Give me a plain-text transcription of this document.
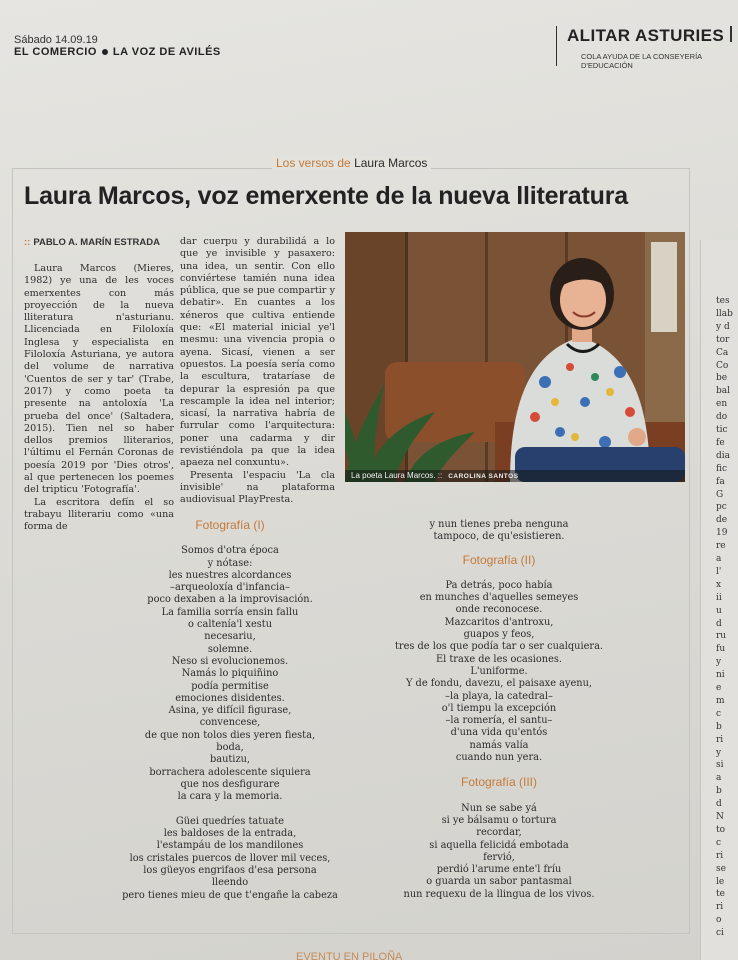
Sábado 14.09.19
EL COMERCIO LA VOZ DE AVILÉS
ALITAR ASTURIES
COLA AYUDA DE LA CONSEYERÍA D'EDUCACIÓN
Los versos de Laura Marcos
Laura Marcos, voz emerxente de la nueva lliteratura
:: PABLO A. MARÍN ESTRADA

Laura Marcos (Mieres, 1982) ye una de les voces emerxentes con más proyección de la nueva lliteratura n'asturianu. Llicenciada en Filoloxía Inglesa y especialista en Filoloxía Asturiana, ye autora del volume de narrativa 'Cuentos de ser y tar' (Trabe, 2017) y como poeta ta presente na antoloxía 'La prueba del once' (Saltadera, 2015). Tien nel so haber dellos premios lliterarios, l'últimu el Fernán Coronas de poesía 2019 por 'Dies otros', al que pertenecen los poemes del tripticu 'Fotografía'.

La escritora defín el so trabayu lliterariu como «una forma de

dar cuerpu y durabilidá a lo que ye invisible y pasaxero: una idea, un sentir. Con ello conviértese tamién nuna idea pública, que se pue compartir y debatir». En cuantes a los xéneros que cultiva entiende que: «El material inicial ye'l mesmu: una vivencia propia o ayena. Sicasí, vienen a ser opuestos. La poesía sería como la escultura, trataríase de depurar la espresión pa que rescample la idea nel interior; sicasí, la narrativa habría de furrular como l'arquitectura: poner una cadarma y dir revistiéndola pa que la idea apaeza nel conxuntu».

Presenta l'espaciu 'La cla invisible' na plataforma audiovisual PlayPresta.

La poeta Laura Marcos. :: CAROLINA SANTOS
Fotografía (I)
Somos d'otra época
y nótase:
les nuestres alcordances
–arqueoloxía d'infancia–
poco dexaben a la improvisación.
La familia sorría ensin fallu
o caltenía'l xestu
necesariu,
solemne.
Neso si evolucionemos.
Namás lo piquiñino
podía permitise
emociones disidentes.
Asina, ye difícil figurase,
convencese,
de que non tolos dies yeren fiesta,
boda,
bautizu,
borrachera adolescente siquiera
que nos desfigurare
la cara y la memoria.

Güei quedríes tatuate
les baldoses de la entrada,
l'estampáu de los mandilones
los cristales puercos de llover mil veces,
los güeyos engrifaos d'esa persona
lleendo
pero tienes mieu de que t'engañe la cabeza
y nun tienes preba nenguna
tampoco, de qu'esistieren.
Fotografía (II)
Pa detrás, poco había
en munches d'aquelles semeyes
onde reconocese.
Mazcaritos d'antroxu,
guapos y feos,
tres de los que podía tar o ser cualquiera.
El traxe de les ocasiones.
L'uniforme.
Y de fondu, davezu, el paisaxe ayenu,
–la playa, la catedral–
o'l tiempu la excepción
–la romería, el santu–
d'una vida qu'entós
namás valía
cuando nun yera.
Fotografía (III)
Nun se sabe yá
si ye bálsamu o tortura
recordar,
si aquella felicidá embotada
fervió,
perdió l'arume ente'l fríu
o guarda un sabor pantasmal
nun requexu de la llingua de los vivos.
EVENTU EN PILOÑA
tes
llab
y d
tor
Ca
Co
be
bal
en
do
tic
fe
dia
fic
fa
G
pc
de
19
re
a
l'
x
ii
u
d
ru
fu
y
ni
e
m
c
b
ri
y
si
a
b
d
N
to
c
ri
se
le
te
ri
o
ci
